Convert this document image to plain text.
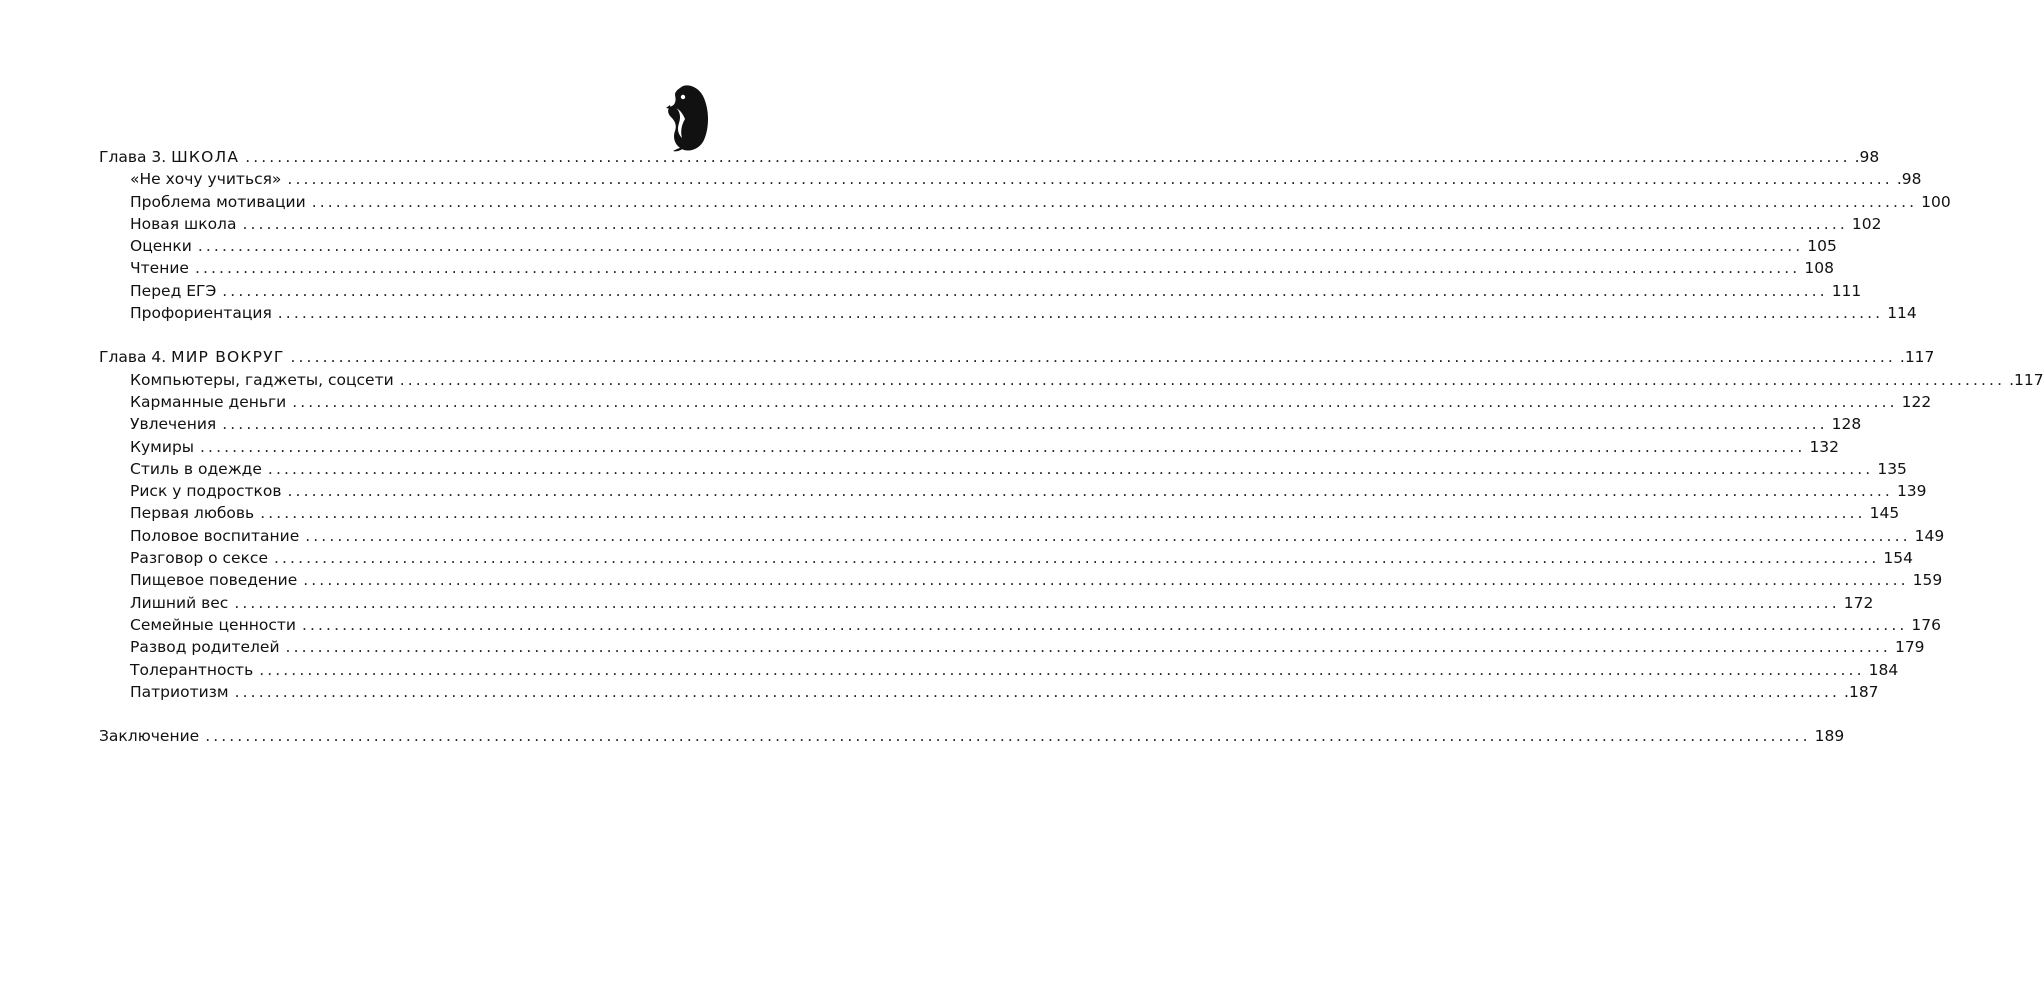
Глава 3. ШКОЛА ........................................................................................................................................................................................................ .98
«Не хочу учиться» ........................................................................................................................................................................................................ .98
Проблема мотивации ........................................................................................................................................................................................................ 100
Новая школа ........................................................................................................................................................................................................ 102
Оценки ........................................................................................................................................................................................................ 105
Чтение ........................................................................................................................................................................................................ 108
Перед ЕГЭ ........................................................................................................................................................................................................ 111
Профориентация ........................................................................................................................................................................................................ 114
Глава 4. МИР ВОКРУГ ........................................................................................................................................................................................................ .117
Компьютеры, гаджеты, соцсети ........................................................................................................................................................................................................ .117
Карманные деньги ........................................................................................................................................................................................................ 122
Увлечения ........................................................................................................................................................................................................ 128
Кумиры ........................................................................................................................................................................................................ 132
Стиль в одежде ........................................................................................................................................................................................................ 135
Риск у подростков ........................................................................................................................................................................................................ 139
Первая любовь ........................................................................................................................................................................................................ 145
Половое воспитание ........................................................................................................................................................................................................ 149
Разговор о сексе ........................................................................................................................................................................................................ 154
Пищевое поведение ........................................................................................................................................................................................................ 159
Лишний вес ........................................................................................................................................................................................................ 172
Семейные ценности ........................................................................................................................................................................................................ 176
Развод родителей ........................................................................................................................................................................................................ 179
Толерантность ........................................................................................................................................................................................................ 184
Патриотизм ........................................................................................................................................................................................................ .187
Заключение ........................................................................................................................................................................................................ 189
